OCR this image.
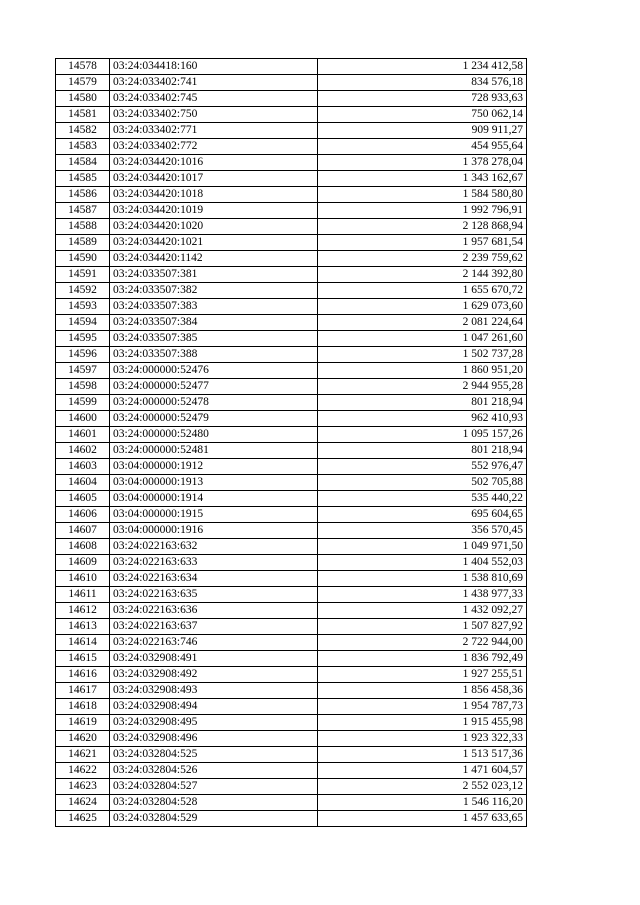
14578	03:24:034418:160	1 234 412,58
14579	03:24:033402:741	834 576,18
14580	03:24:033402:745	728 933,63
14581	03:24:033402:750	750 062,14
14582	03:24:033402:771	909 911,27
14583	03:24:033402:772	454 955,64
14584	03:24:034420:1016	1 378 278,04
14585	03:24:034420:1017	1 343 162,67
14586	03:24:034420:1018	1 584 580,80
14587	03:24:034420:1019	1 992 796,91
14588	03:24:034420:1020	2 128 868,94
14589	03:24:034420:1021	1 957 681,54
14590	03:24:034420:1142	2 239 759,62
14591	03:24:033507:381	2 144 392,80
14592	03:24:033507:382	1 655 670,72
14593	03:24:033507:383	1 629 073,60
14594	03:24:033507:384	2 081 224,64
14595	03:24:033507:385	1 047 261,60
14596	03:24:033507:388	1 502 737,28
14597	03:24:000000:52476	1 860 951,20
14598	03:24:000000:52477	2 944 955,28
14599	03:24:000000:52478	801 218,94
14600	03:24:000000:52479	962 410,93
14601	03:24:000000:52480	1 095 157,26
14602	03:24:000000:52481	801 218,94
14603	03:04:000000:1912	552 976,47
14604	03:04:000000:1913	502 705,88
14605	03:04:000000:1914	535 440,22
14606	03:04:000000:1915	695 604,65
14607	03:04:000000:1916	356 570,45
14608	03:24:022163:632	1 049 971,50
14609	03:24:022163:633	1 404 552,03
14610	03:24:022163:634	1 538 810,69
14611	03:24:022163:635	1 438 977,33
14612	03:24:022163:636	1 432 092,27
14613	03:24:022163:637	1 507 827,92
14614	03:24:022163:746	2 722 944,00
14615	03:24:032908:491	1 836 792,49
14616	03:24:032908:492	1 927 255,51
14617	03:24:032908:493	1 856 458,36
14618	03:24:032908:494	1 954 787,73
14619	03:24:032908:495	1 915 455,98
14620	03:24:032908:496	1 923 322,33
14621	03:24:032804:525	1 513 517,36
14622	03:24:032804:526	1 471 604,57
14623	03:24:032804:527	2 552 023,12
14624	03:24:032804:528	1 546 116,20
14625	03:24:032804:529	1 457 633,65
